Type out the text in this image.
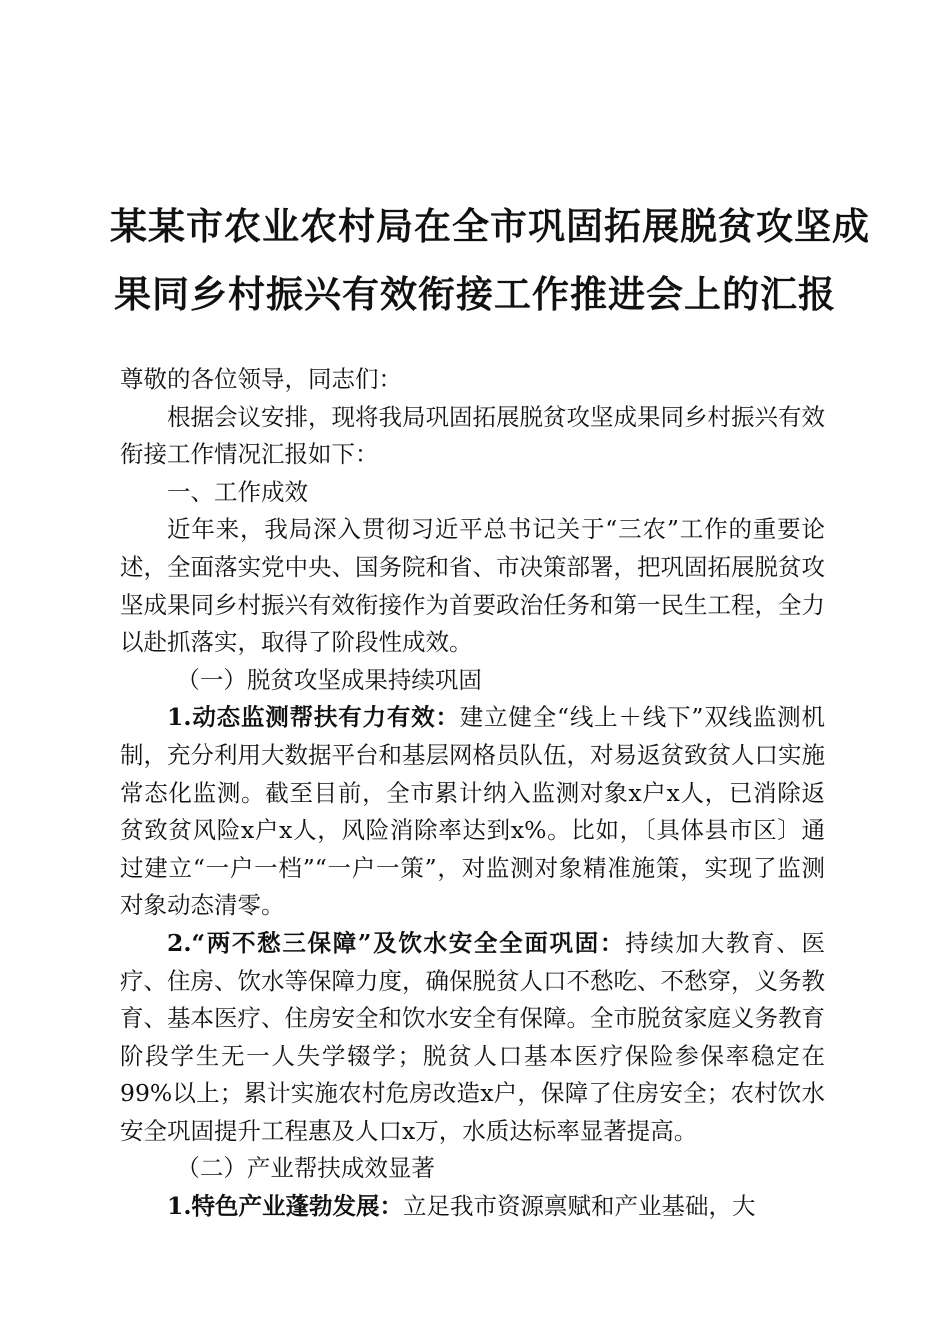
某某市农业农村局在全市巩固拓展脱贫攻坚成
果同乡村振兴有效衔接工作推进会上的汇报

尊敬的各位领导，同志们：

根据会议安排，现将我局巩固拓展脱贫攻坚成果同乡村振兴有效衔接工作情况汇报如下：

一、工作成效

近年来，我局深入贯彻习近平总书记关于“三农”工作的重要论述，全面落实党中央、国务院和省、市决策部署，把巩固拓展脱贫攻坚成果同乡村振兴有效衔接作为首要政治任务和第一民生工程，全力以赴抓落实，取得了阶段性成效。

（一）脱贫攻坚成果持续巩固

1.动态监测帮扶有力有效：建立健全“线上＋线下”双线监测机制，充分利用大数据平台和基层网格员队伍，对易返贫致贫人口实施常态化监测。截至目前，全市累计纳入监测对象x户x人，已消除返贫致贫风险x户x人，风险消除率达到x%。比如，〔具体县市区〕通过建立“一户一档”“一户一策”，对监测对象精准施策，实现了监测对象动态清零。

2.“两不愁三保障”及饮水安全全面巩固：持续加大教育、医疗、住房、饮水等保障力度，确保脱贫人口不愁吃、不愁穿，义务教育、基本医疗、住房安全和饮水安全有保障。全市脱贫家庭义务教育阶段学生无一人失学辍学；脱贫人口基本医疗保险参保率稳定在99%以上；累计实施农村危房改造x户，保障了住房安全；农村饮水安全巩固提升工程惠及人口x万，水质达标率显著提高。

（二）产业帮扶成效显著

1.特色产业蓬勃发展：立足我市资源禀赋和产业基础，大
